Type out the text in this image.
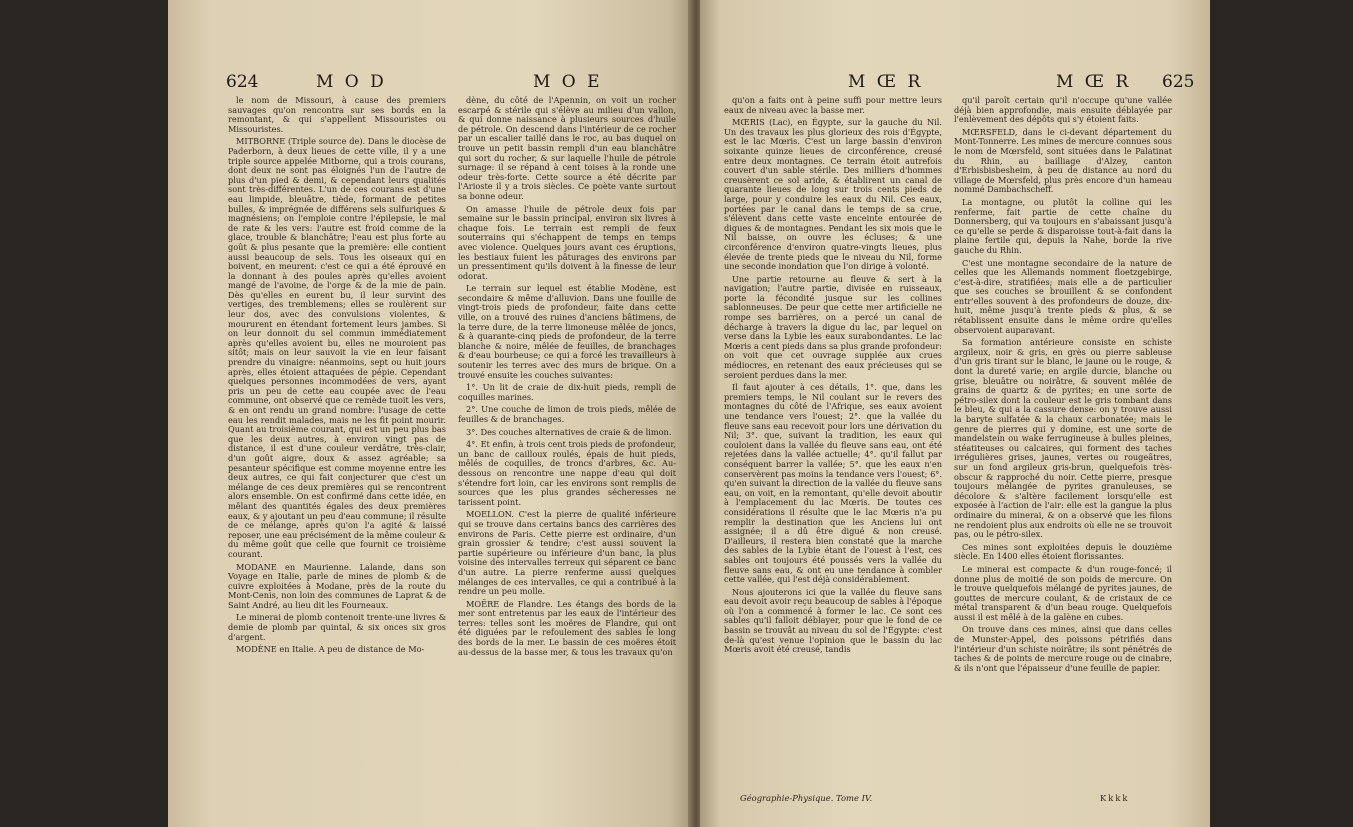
624	M O D	M O E

le nom de Missouri, à cause des premiers sauvages qu'on rencontra sur ses bords en la remontant, & qui s'appellent Missouristes ou Missouristes.

MITBORNE (Triple source de). Dans le diocèse de Paderborn, à deux lieues de cette ville, il y a une triple source appelée Mitborne, qui a trois courans, dont deux ne sont pas éloignés l'un de l'autre de plus d'un pied & demi, & cependant leurs qualités sont très-différentes. L'un de ces courans est d'une eau limpide, bleuâtre, tiède, formant de petites bulles, & imprégnée de différens sels sulfuriques & magnésiens; on l'emploie contre l'épilepsie, le mal de rate & les vers: l'autre est froid comme de la glace, trouble & blanchâtre; l'eau est plus forte au goût & plus pesante que la première: elle contient aussi beaucoup de sels. Tous les oiseaux qui en boivent, en meurent: c'est ce qui a été éprouvé en la donnant à des poules après qu'elles avoient mangé de l'avoine, de l'orge & de la mie de pain. Dès qu'elles en eurent bu, il leur survint des vertiges, des tremblemens; elles se roulèrent sur leur dos, avec des convulsions violentes, & moururent en étendant fortement leurs jambes. Si on leur donnoit du sel commun immédiatement après qu'elles avoient bu, elles ne mouroient pas sitôt; mais on leur sauvoit la vie en leur faisant prendre du vinaigre: néanmoins, sept ou huit jours après, elles étoient attaquées de pépie. Cependant quelques personnes incommodées de vers, ayant pris un peu de cette eau coupée avec de l'eau commune, ont observé que ce remède tuoit les vers, & en ont rendu un grand nombre: l'usage de cette eau les rendit malades, mais ne les fit point mourir. Quant au troisième courant, qui est un peu plus bas que les deux autres, à environ vingt pas de distance, il est d'une couleur verdâtre, très-clair, d'un goût aigre, doux & assez agréable; sa pesanteur spécifique est comme moyenne entre les deux autres, ce qui fait conjecturer que c'est un mélange de ces deux premières qui se rencontrent alors ensemble. On est confirmé dans cette idée, en mêlant des quantités égales des deux premières eaux, & y ajoutant un peu d'eau commune; il résulte de ce mélange, après qu'on l'a agité & laissé reposer, une eau précisément de la même couleur & du même goût que celle que fournit ce troisième courant.

MODANE en Maurienne. Lalande, dans son Voyage en Italie, parle de mines de plomb & de cuivre exploitées à Modane, près de la route du Mont-Cenis, non loin des communes de Laprat & de Saint André, au lieu dit les Fourneaux.

Le minerai de plomb contenoit trente-une livres & demie de plomb par quintal, & six onces six gros d'argent.

MODÈNE en Italie. A peu de distance de Mo-

dène, du côté de l'Apennin, on voit un rocher escarpé & stérile qui s'élève au milieu d'un vallon, & qui donne naissance à plusieurs sources d'huile de pétrole. On descend dans l'intérieur de ce rocher par un escalier taillé dans le roc, au bas duquel on trouve un petit bassin rempli d'un eau blanchâtre qui sort du rocher, & sur laquelle l'huile de pétrole surnage: il se répand à cent toises à la ronde une odeur très-forte. Cette source a été décrite par l'Arioste il y a trois siècles. Ce poète vante surtout sa bonne odeur.

On amasse l'huile de pétrole deux fois par semaine sur le bassin principal, environ six livres à chaque fois. Le terrain est rempli de feux souterrains qui s'échappent de temps en temps avec violence. Quelques jours avant ces éruptions, les bestiaux fuient les pâturages des environs par un pressentiment qu'ils doivent à la finesse de leur odorat.

Le terrain sur lequel est établie Modène, est secondaire & même d'alluvion. Dans une fouille de vingt-trois pieds de profondeur, faite dans cette ville, on a trouvé des ruines d'anciens bâtimens, de la terre dure, de la terre limoneuse mêlée de joncs, & à quarante-cinq pieds de profondeur, de la terre blanche & noire, mêlée de feuilles, de branchages & d'eau bourbeuse; ce qui a forcé les travailleurs à soutenir les terres avec des murs de brique. On a trouvé ensuite les couches suivantes:

1°. Un lit de craie de dix-huit pieds, rempli de coquilles marines.

2°. Une couche de limon de trois pieds, mêlée de feuilles & de branchages.

3°. Des couches alternatives de craie & de limon.

4°. Et enfin, à trois cent trois pieds de profondeur, un banc de cailloux roulés, épais de huit pieds, mêlés de coquilles, de troncs d'arbres, &c. Au-dessous on rencontre une nappe d'eau qui doit s'étendre fort loin, car les environs sont remplis de sources que les plus grandes sécheresses ne tarissent point.

MOELLON. C'est la pierre de qualité inférieure qui se trouve dans certains bancs des carrières des environs de Paris. Cette pierre est ordinaire, d'un grain grossier & tendre; c'est aussi souvent la partie supérieure ou inférieure d'un banc, la plus voisine des intervalles terreux qui séparent ce banc d'un autre. La pierre renferme aussi quelques mélanges de ces intervalles, ce qui a contribué à la rendre un peu molle.

MOËRE de Flandre. Les étangs des bords de la mer sont entretenus par les eaux de l'intérieur des terres: telles sont les moëres de Flandre, qui ont été diguées par le refoulement des sables le long des bords de la mer. Le bassin de ces moëres étoit au-dessus de la basse mer, & tous les travaux qu'on

M Œ R	M Œ R 625

qu'on a faits ont à peine suffi pour mettre leurs eaux de niveau avec la basse mer.

MŒRIS (Lac), en Égypte, sur la gauche du Nil. Un des travaux les plus glorieux des rois d'Égypte, est le lac Mœris. C'est un large bassin d'environ soixante quinze lieues de circonférence, creusé entre deux montagnes. Ce terrain étoit autrefois couvert d'un sable stérile. Des milliers d'hommes creusèrent ce sol aride, & établirent un canal de quarante lieues de long sur trois cents pieds de large, pour y conduire les eaux du Nil. Ces eaux, portées par le canal dans le temps de sa crue, s'élèvent dans cette vaste enceinte entourée de digues & de montagnes. Pendant les six mois que le Nil baisse, on ouvre les écluses; & une circonférence d'environ quatre-vingts lieues, plus élevée de trente pieds que le niveau du Nil, forme une seconde inondation que l'on dirige à volonté.

Une partie retourne au fleuve & sert à la navigation; l'autre partie, divisée en ruisseaux, porte la fécondité jusque sur les collines sablonneuses. De peur que cette mer artificielle ne rompe ses barrières, on a percé un canal de décharge à travers la digue du lac, par lequel on verse dans la Lybie les eaux surabondantes. Le lac Mœris a cent pieds dans sa plus grande profondeur: on voit que cet ouvrage supplée aux crues médiocres, en retenant des eaux précieuses qui se seroient perdues dans la mer.

Il faut ajouter à ces détails, 1°. que, dans les premiers temps, le Nil coulant sur le revers des montagnes du côté de l'Afrique, ses eaux avoient une tendance vers l'ouest; 2°. que la vallée du fleuve sans eau recevoit pour lors une dérivation du Nil; 3°. que, suivant la tradition, les eaux qui couloient dans la vallée du fleuve sans eau, ont été rejetées dans la vallée actuelle; 4°. qu'il fallut par conséquent barrer la vallée; 5°. que les eaux n'en conservèrent pas moins la tendance vers l'ouest; 6°. qu'en suivant la direction de la vallée du fleuve sans eau, on voit, en la remontant, qu'elle devoit aboutir à l'emplacement du lac Mœris. De toutes ces considérations il résulte que le lac Mœris n'a pu remplir la destination que les Anciens lui ont assignée; il a dû être digué & non creusé. D'ailleurs, il restera bien constaté que la marche des sables de la Lybie étant de l'ouest à l'est, ces sables ont toujours été poussés vers la vallée du fleuve sans eau, & ont eu une tendance à combler cette vallée, qui l'est déjà considérablement.

Nous ajouterons ici que la vallée du fleuve sans eau devoit avoir reçu beaucoup de sables à l'époque où l'on a commencé à former le lac. Ce sont ces sables qu'il falloit déblayer, pour que le fond de ce bassin se trouvât au niveau du sol de l'Égypte: c'est de-là qu'est venue l'opinion que le bassin du lac Mœris avoit été creusé, tandis

qu'il paroît certain qu'il n'occupe qu'une vallée déjà bien approfondie, mais ensuite déblayée par l'enlèvement des dépôts qui s'y étoient faits.

MŒRSFELD, dans le ci-devant département du Mont-Tonnerre. Les mines de mercure connues sous le nom de Mœrsfeld, sont situées dans le Palatinat du Rhin, au bailliage d'Alzey, canton d'Erbisbisbesheim, à peu de distance au nord du village de Mœrsfeld, plus près encore d'un hameau nommé Dambachscheff.

La montagne, ou plutôt la colline qui les renferme, fait partie de cette chaîne du Donnersberg, qui va toujours en s'abaissant jusqu'à ce qu'elle se perde & disparoisse tout-à-fait dans la plaine fertile qui, depuis la Nahe, borde la rive gauche du Rhin.

C'est une montagne secondaire de la nature de celles que les Allemands nomment floetzgebirge, c'est-à-dire, stratifiées; mais elle a de particulier que ses couches se brouillent & se confondent entr'elles souvent à des profondeurs de douze, dix-huit, même jusqu'à trente pieds & plus, & se rétablissent ensuite dans le même ordre qu'elles observoient auparavant.

Sa formation antérieure consiste en schiste argileux, noir & gris, en grès ou pierre sableuse d'un gris tirant sur le blanc, le jaune ou le rouge, & dont la dureté varie; en argile durcie, blanche ou grise, bleuâtre ou noirâtre, & souvent mêlée de grains de quartz & de pyrites; en une sorte de pétro-silex dont la couleur est le gris tombant dans le bleu, & qui a la cassure dense: on y trouve aussi la baryte sulfatée & la chaux carbonatée; mais le genre de pierres qui y domine, est une sorte de mandelstein ou wake ferrugineuse à bulles pleines, stéatiteuses ou calcaires, qui forment des taches irrégulières grises, jaunes, vertes ou rougeâtres, sur un fond argileux gris-brun, quelquefois très-obscur & rapproché du noir. Cette pierre, presque toujours mélangée de pyrites granuleuses, se décolore & s'altère facilement lorsqu'elle est exposée à l'action de l'air: elle est la gangue la plus ordinaire du minerai, & on a observé que les filons ne rendoient plus aux endroits où elle ne se trouvoit pas, ou le pétro-silex.

Ces mines sont exploitées depuis le douzième siècle. En 1400 elles étoient florissantes.

Le minerai est compacte & d'un rouge-foncé; il donne plus de moitié de son poids de mercure. On le trouve quelquefois mélangé de pyrites jaunes, de gouttes de mercure coulant, & de cristaux de ce métal transparent & d'un beau rouge. Quelquefois aussi il est mêlé à de la galène en cubes.

On trouve dans ces mines, ainsi que dans celles de Munster-Appel, des poissons pétrifiés dans l'intérieur d'un schiste noirâtre; ils sont pénétrés de taches & de points de mercure rouge ou de cinabre, & ils n'ont que l'épaisseur d'une feuille de papier.

Géographie-Physique. Tome IV.	Kkkk
